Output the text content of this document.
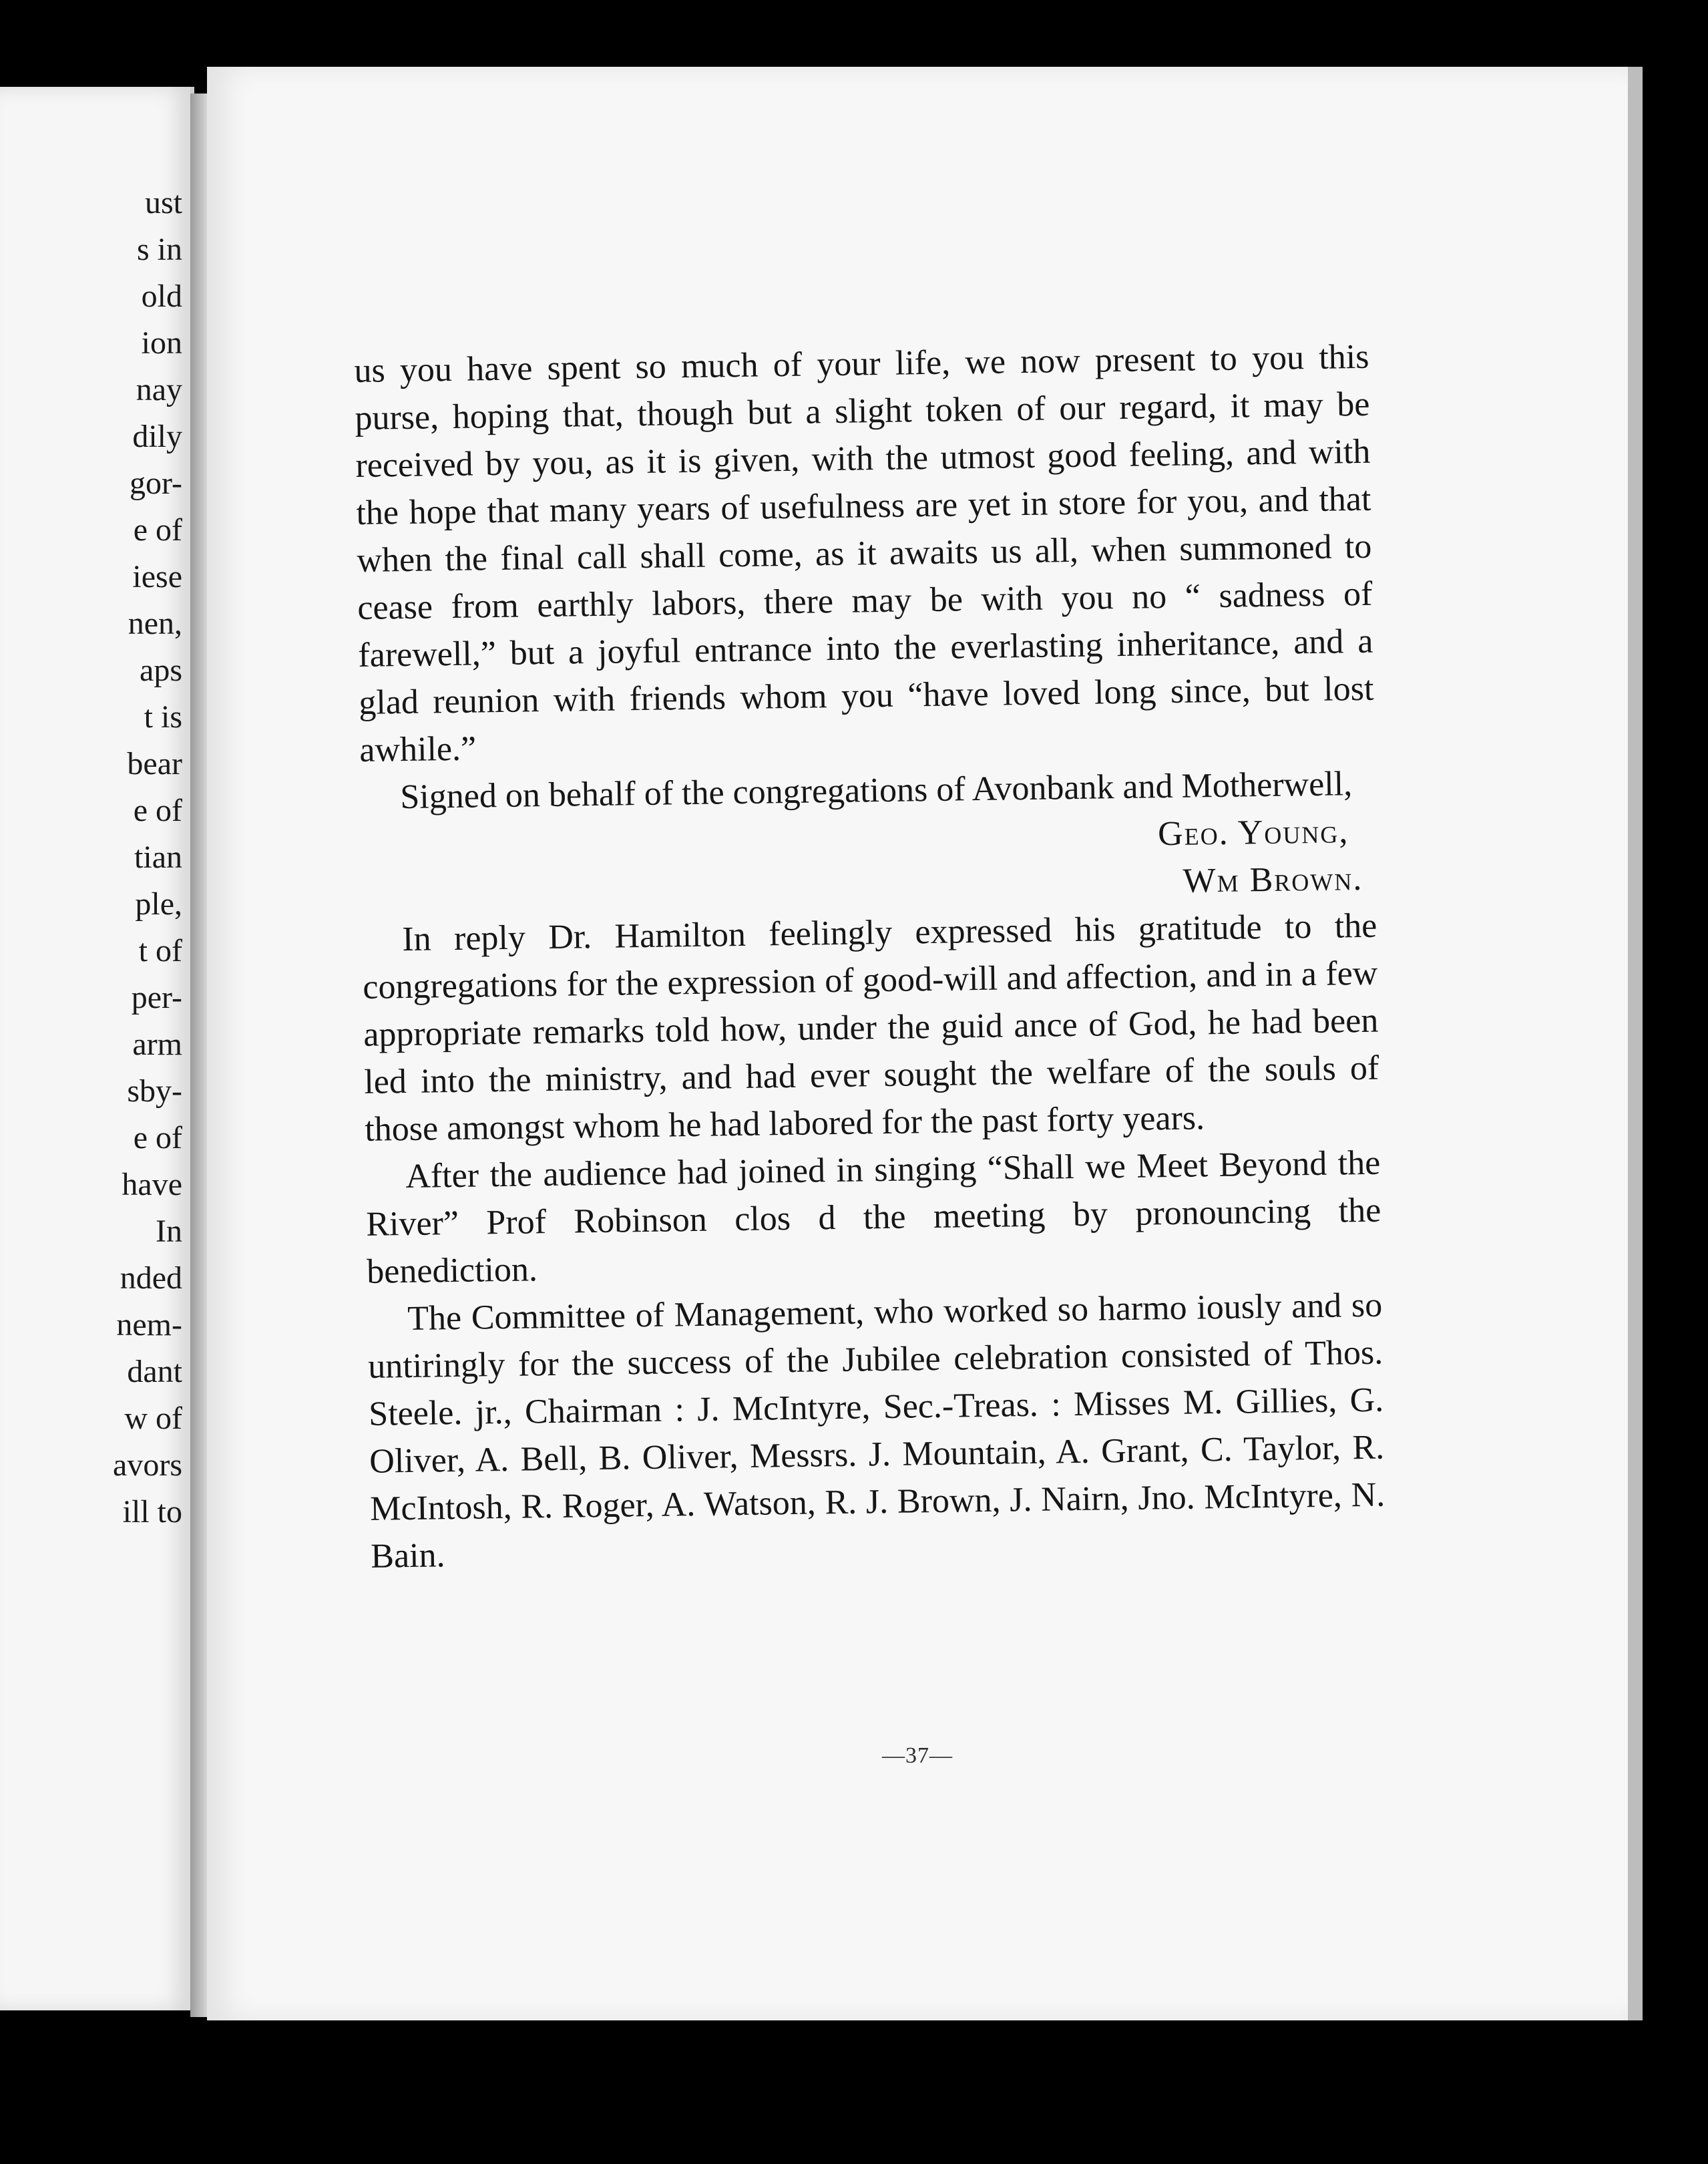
ust
s in
old
ion
nay
dily
gor-
e of
iese
nen,
aps
t is
bear
e of
tian
ple,
t of
per-
arm
sby-
e of
have
In
nded
nem-
dant
w of
avors
ill to

us you have spent so much of your life, we now present to you this purse, hoping that, though but a slight token of our regard, it may be received by you, as it is given, with the utmost good feeling, and with the hope that many years of usefulness are yet in store for you, and that when the final call shall come, as it awaits us all, when summoned to cease from earthly labors, there may be with you no “ sadness of farewell,” but a joyful entrance into the everlasting inheritance, and a glad reunion with friends whom you “have loved long since, but lost awhile.”

Signed on behalf of the congregations of Avonbank and Motherwell,

Geo. Young,

Wm Brown.

In reply Dr. Hamilton feelingly expressed his gratitude to the congregations for the expression of good-will and affection, and in a few appropriate remarks told how, under the guid ance of God, he had been led into the ministry, and had ever sought the welfare of the souls of those amongst whom he had labored for the past forty years.

After the audience had joined in singing “Shall we Meet Beyond the River” Prof Robinson clos d the meeting by pronouncing the benediction.

The Committee of Management, who worked so harmo iously and so untiringly for the success of the Jubilee celebration consisted of Thos. Steele. jr., Chairman : J. McIntyre, Sec.-Treas. : Misses M. Gillies, G. Oliver, A. Bell, B. Oliver, Messrs. J. Mountain, A. Grant, C. Taylor, R. McIntosh, R. Roger, A. Watson, R. J. Brown, J. Nairn, Jno. McIntyre, N. Bain.

—37—
